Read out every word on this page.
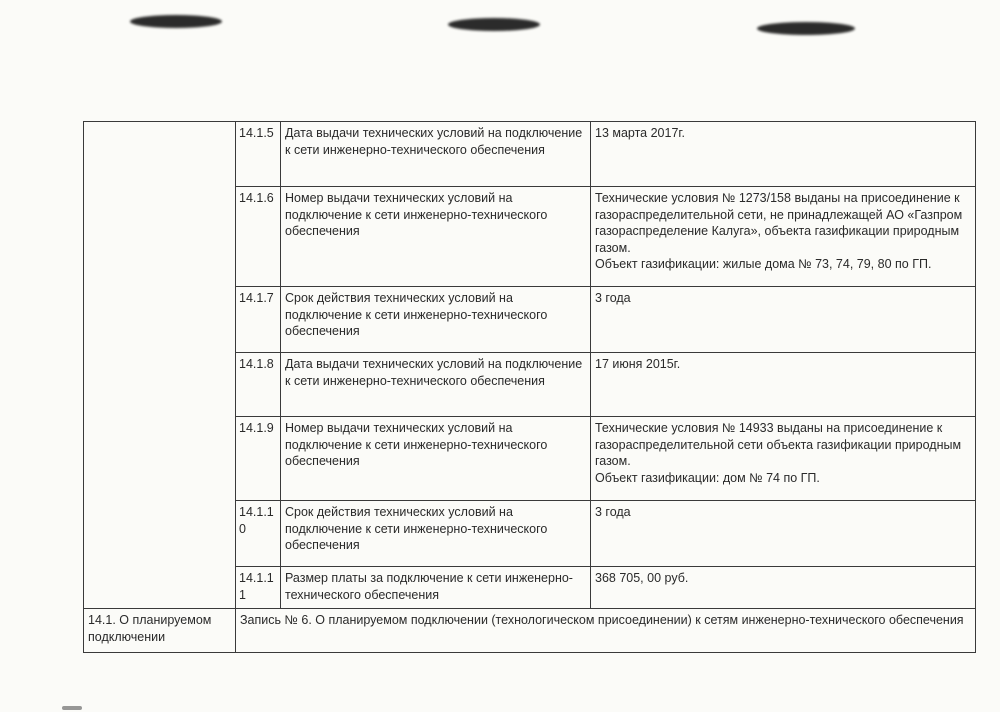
	14.1.5	Дата выдачи технических условий на подключение к сети инженерно-технического обеспечения	13 марта 2017г.
	14.1.6	Номер выдачи технических условий на подключение к сети инженерно-технического обеспечения	Технические условия № 1273/158 выданы на присоединение к газораспределительной сети, не принадлежащей АО «Газпром газораспределение Калуга», объекта газификации природным газом.
Объект газификации: жилые дома № 73, 74, 79, 80 по ГП.

	14.1.7	Срок действия технических условий на подключение к сети инженерно-технического обеспечения	3 года
	14.1.8	Дата выдачи технических условий на подключение к сети инженерно-технического обеспечения	17 июня 2015г.
	14.1.9	Номер выдачи технических условий на подключение к сети инженерно-технического обеспечения	Технические условия № 14933 выданы на присоединение к газораспределительной сети объекта газификации природным газом.
Объект газификации: дом № 74 по ГП.

	14.1.10	Срок действия технических условий на подключение к сети инженерно-технического обеспечения	3 года
	14.1.11	Размер платы за подключение к сети инженерно-технического обеспечения	368 705, 00 руб.
14.1. О планируемом подключении	Запись № 6. О планируемом подключении (технологическом присоединении) к сетям инженерно-технического обеспечения		
